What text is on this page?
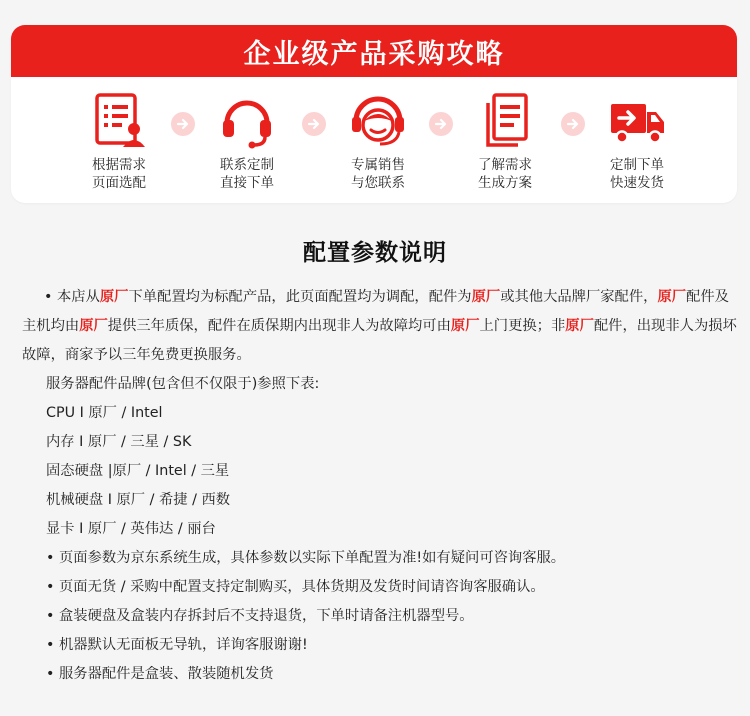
企业级产品采购攻略
根据需求
页面选配
联系定制
直接下单
专属销售
与您联系
了解需求
生成方案
定制下单
快速发货
配置参数说明

• 本店从原厂下单配置均为标配产品，此页面配置均为调配，配件为原厂或其他大品牌厂家配件，原厂配件及主机均由原厂提供三年质保，配件在质保期内出现非人为故障均可由原厂上门更换；非原厂配件，出现非人为损坏故障，商家予以三年免费更换服务。

服务器配件品牌(包含但不仅限于)参照下表:
CPU I 原厂 / Intel
内存 I 原厂 / 三星 / SK
固态硬盘 |原厂 / Intel / 三星
机械硬盘 I 原厂 / 希捷 / 西数
显卡 I 原厂 / 英伟达 / 丽台
• 页面参数为京东系统生成，具体参数以实际下单配置为准!如有疑问可咨询客服。
• 页面无货 / 采购中配置支持定制购买，具体货期及发货时间请咨询客服确认。
• 盒装硬盘及盒装内存拆封后不支持退货，下单时请备注机器型号。
• 机器默认无面板无导轨，详询客服谢谢!
• 服务器配件是盒装、散装随机发货
